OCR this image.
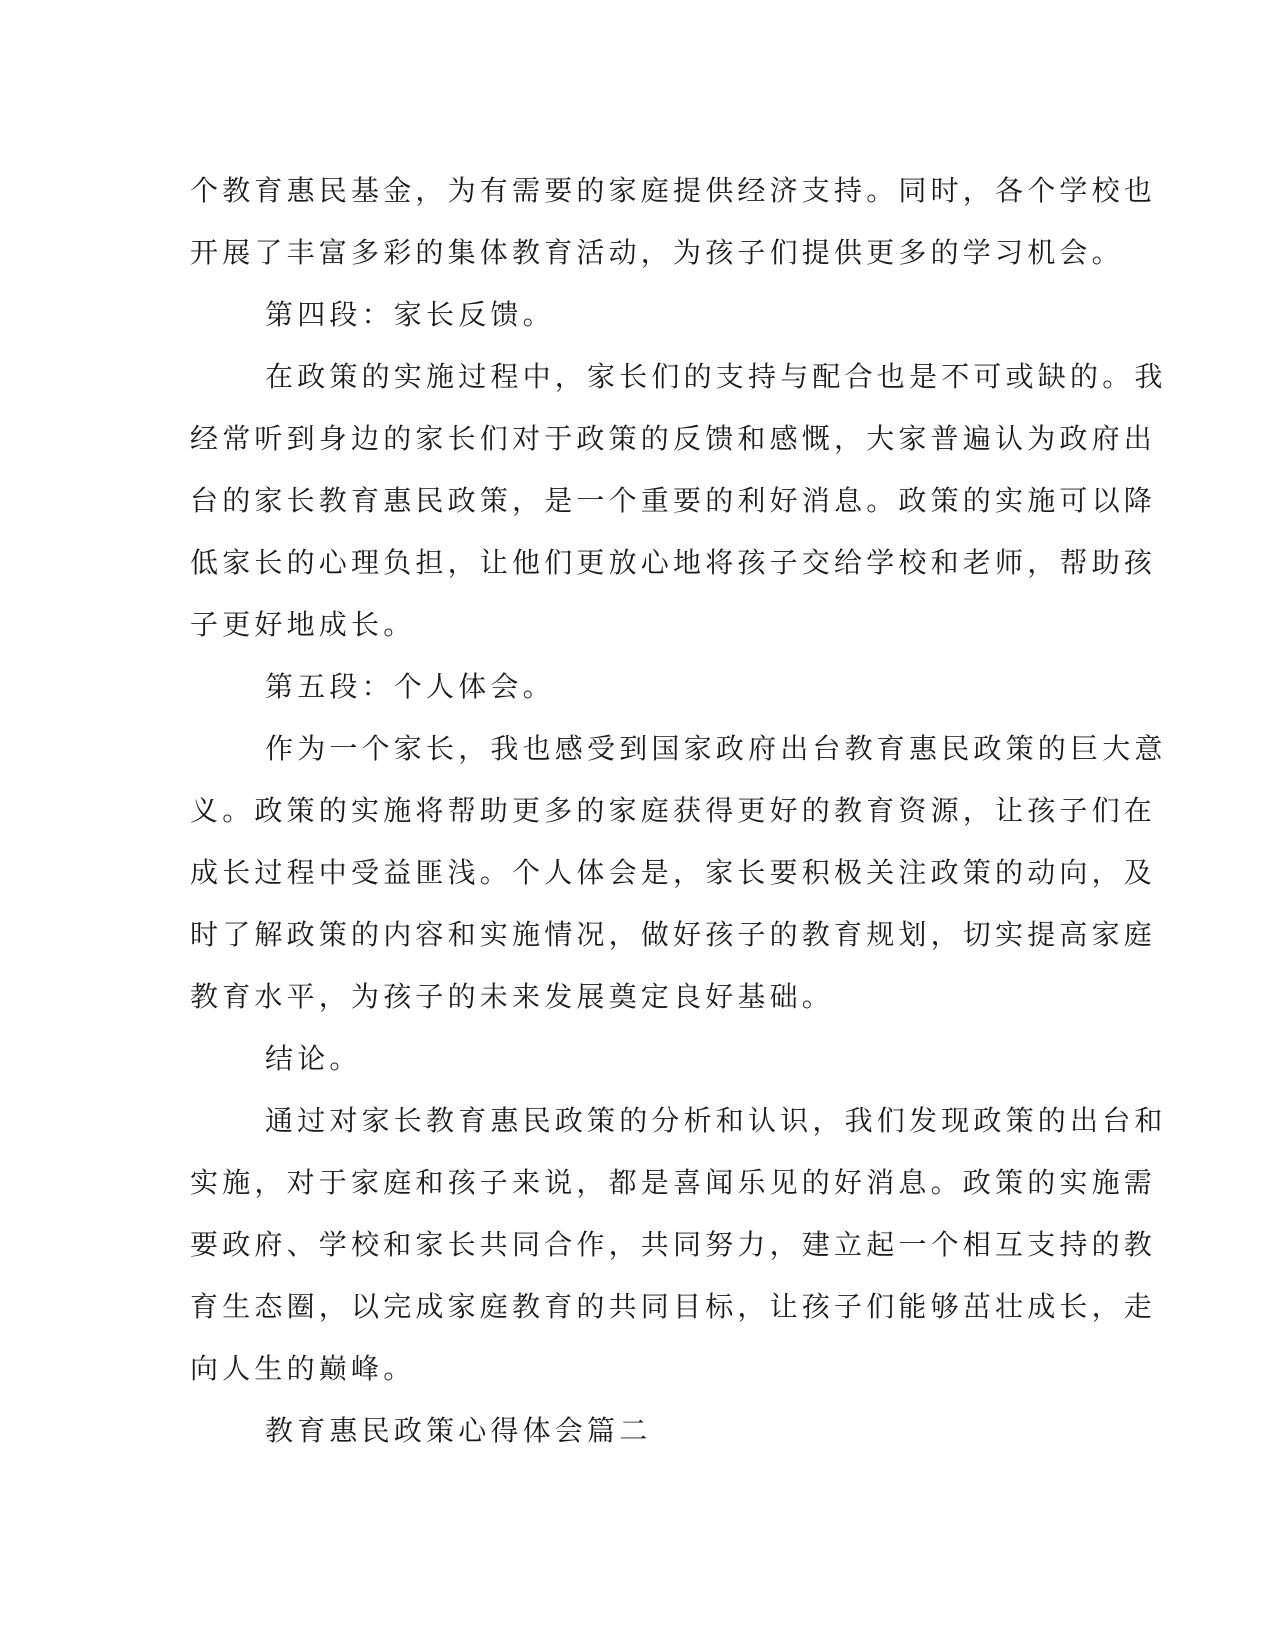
个教育惠民基金，为有需要的家庭提供经济支持。同时，各个学校也
开展了丰富多彩的集体教育活动，为孩子们提供更多的学习机会。
第四段：家长反馈。
在政策的实施过程中，家长们的支持与配合也是不可或缺的。我
经常听到身边的家长们对于政策的反馈和感慨，大家普遍认为政府出
台的家长教育惠民政策，是一个重要的利好消息。政策的实施可以降
低家长的心理负担，让他们更放心地将孩子交给学校和老师，帮助孩
子更好地成长。
第五段：个人体会。
作为一个家长，我也感受到国家政府出台教育惠民政策的巨大意
义。政策的实施将帮助更多的家庭获得更好的教育资源，让孩子们在
成长过程中受益匪浅。个人体会是，家长要积极关注政策的动向，及
时了解政策的内容和实施情况，做好孩子的教育规划，切实提高家庭
教育水平，为孩子的未来发展奠定良好基础。
结论。
通过对家长教育惠民政策的分析和认识，我们发现政策的出台和
实施，对于家庭和孩子来说，都是喜闻乐见的好消息。政策的实施需
要政府、学校和家长共同合作，共同努力，建立起一个相互支持的教
育生态圈，以完成家庭教育的共同目标，让孩子们能够茁壮成长，走
向人生的巅峰。
教育惠民政策心得体会篇二
